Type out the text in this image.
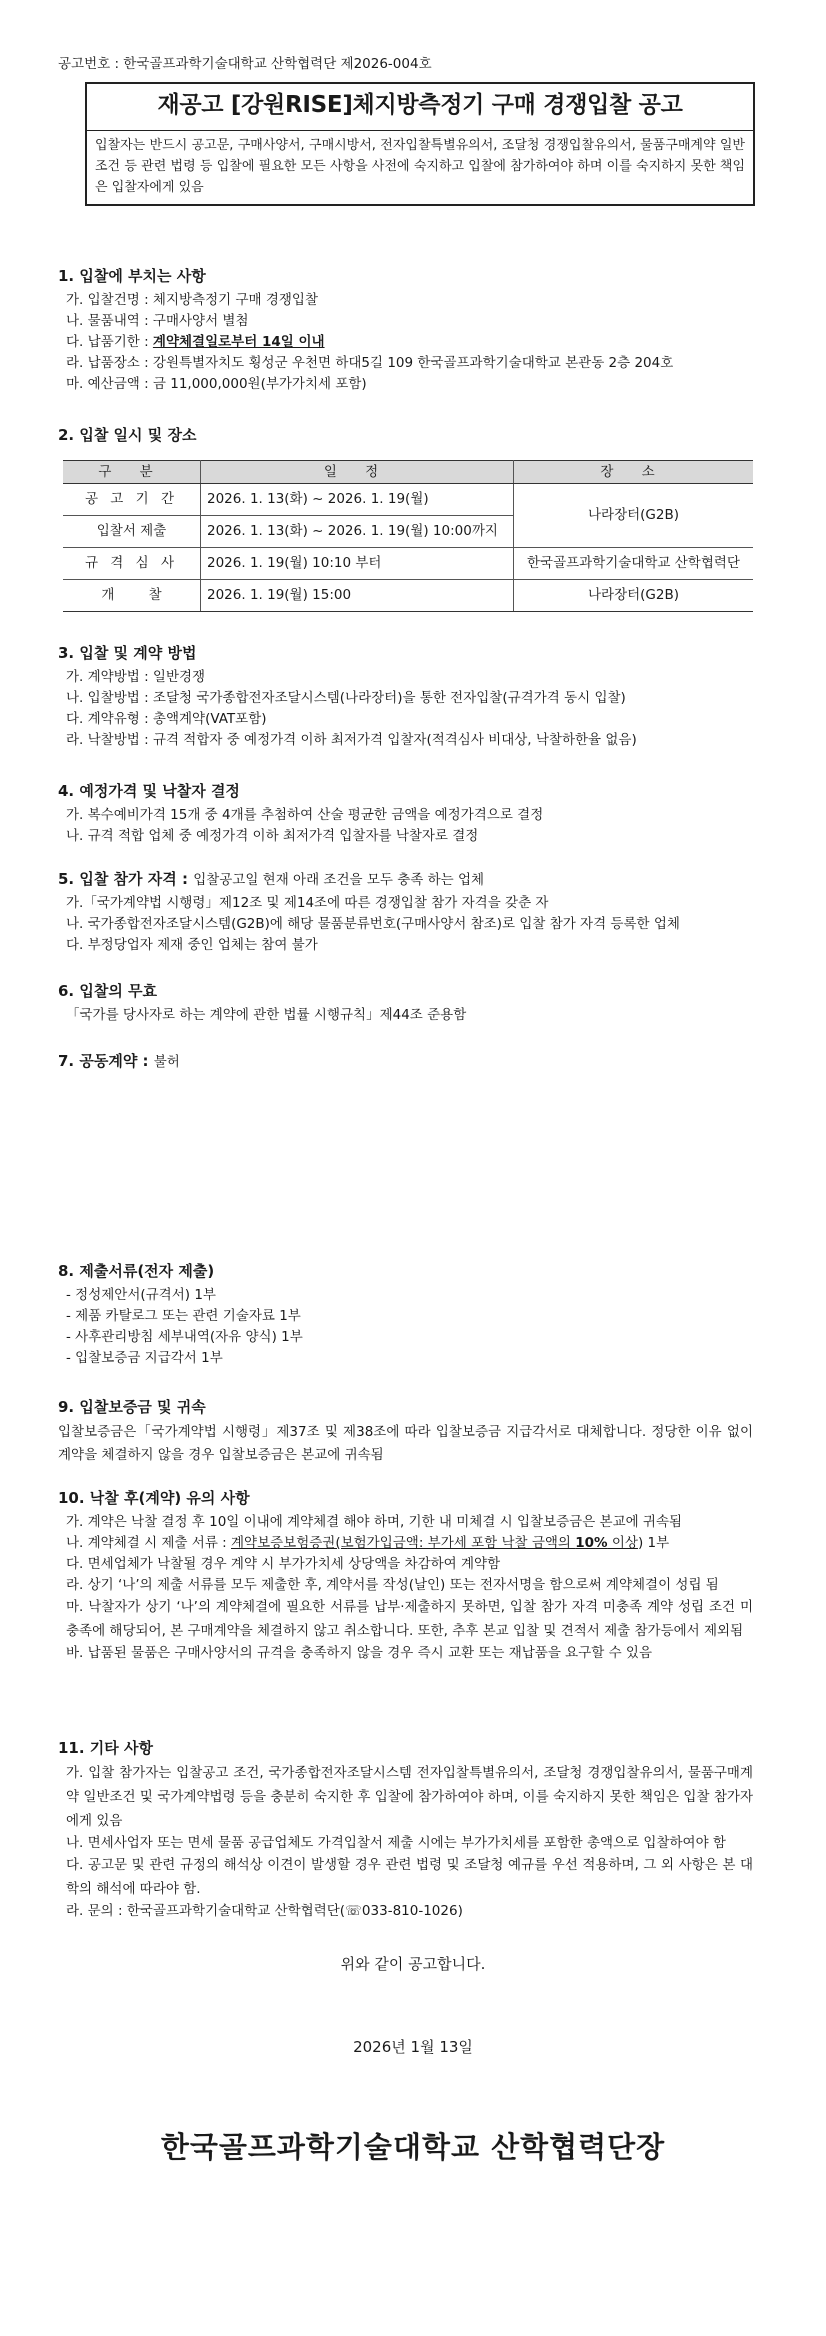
공고번호 : 한국골프과학기술대학교 산학협력단 제2026-004호
재공고 [강원RISE]체지방측정기 구매 경쟁입찰 공고
입찰자는 반드시 공고문, 구매사양서, 구매시방서, 전자입찰특별유의서, 조달청 경쟁입찰유의서, 물품구매계약 일반조건 등 관련 법령 등 입찰에 필요한 모든 사항을 사전에 숙지하고 입찰에 참가하여야 하며 이를 숙지하지 못한 책임은 입찰자에게 있음
1. 입찰에 부치는 사항
가. 입찰건명 : 체지방측정기 구매 경쟁입찰
나. 물품내역 : 구매사양서 별첨
다. 납품기한 : 계약체결일로부터 14일 이내
라. 납품장소 : 강원특별자치도 횡성군 우천면 하대5길 109 한국골프과학기술대학교 본관동 2층 204호
마. 예산금액 : 금 11,000,000원(부가가치세 포함)
2. 입찰 일시 및 장소
구 분	일 정	장 소
공 고 기 간	2026. 1. 13(화) ~ 2026. 1. 19(월)	나라장터(G2B)
입찰서 제출	2026. 1. 13(화) ~ 2026. 1. 19(월) 10:00까지	
규 격 심 사	2026. 1. 19(월) 10:10 부터	한국골프과학기술대학교 산학협력단
개 찰	2026. 1. 19(월) 15:00	나라장터(G2B)
3. 입찰 및 계약 방법
가. 계약방법 : 일반경쟁
나. 입찰방법 : 조달청 국가종합전자조달시스템(나라장터)을 통한 전자입찰(규격가격 동시 입찰)
다. 계약유형 : 총액계약(VAT포함)
라. 낙찰방법 : 규격 적합자 중 예정가격 이하 최저가격 입찰자(적격심사 비대상, 낙찰하한율 없음)
4. 예정가격 및 낙찰자 결정
가. 복수예비가격 15개 중 4개를 추첨하여 산술 평균한 금액을 예정가격으로 결정
나. 규격 적합 업체 중 예정가격 이하 최저가격 입찰자를 낙찰자로 결정
5. 입찰 참가 자격 : 입찰공고일 현재 아래 조건을 모두 충족 하는 업체
가.「국가계약법 시행령」제12조 및 제14조에 따른 경쟁입찰 참가 자격을 갖춘 자
나. 국가종합전자조달시스템(G2B)에 해당 물품분류번호(구매사양서 참조)로 입찰 참가 자격 등록한 업체
다. 부정당업자 제재 중인 업체는 참여 불가
6. 입찰의 무효
「국가를 당사자로 하는 계약에 관한 법률 시행규칙」제44조 준용함
7. 공동계약 : 불허
8. 제출서류(전자 제출)
- 정성제안서(규격서) 1부
- 제품 카탈로그 또는 관련 기술자료 1부
- 사후관리방침 세부내역(자유 양식) 1부
- 입찰보증금 지급각서 1부
9. 입찰보증금 및 귀속
입찰보증금은「국가계약법 시행령」제37조 및 제38조에 따라 입찰보증금 지급각서로 대체합니다. 정당한 이유 없이 계약을 체결하지 않을 경우 입찰보증금은 본교에 귀속됨
10. 낙찰 후(계약) 유의 사항
가. 계약은 낙찰 결정 후 10일 이내에 계약체결 해야 하며, 기한 내 미체결 시 입찰보증금은 본교에 귀속됨
나. 계약체결 시 제출 서류 : 계약보증보험증권(보험가입금액: 부가세 포함 낙찰 금액의 10% 이상) 1부
다. 면세업체가 낙찰될 경우 계약 시 부가가치세 상당액을 차감하여 계약함
라. 상기 ‘나’의 제출 서류를 모두 제출한 후, 계약서를 작성(날인) 또는 전자서명을 함으로써 계약체결이 성립 됨
마. 낙찰자가 상기 ‘나’의 계약체결에 필요한 서류를 납부·제출하지 못하면, 입찰 참가 자격 미충족 계약 성립 조건 미충족에 해당되어, 본 구매계약을 체결하지 않고 취소합니다. 또한, 추후 본교 입찰 및 견적서 제출 참가등에서 제외됨
바. 납품된 물품은 구매사양서의 규격을 충족하지 않을 경우 즉시 교환 또는 재납품을 요구할 수 있음
11. 기타 사항
가. 입찰 참가자는 입찰공고 조건, 국가종합전자조달시스템 전자입찰특별유의서, 조달청 경쟁입찰유의서, 물품구매계약 일반조건 및 국가계약법령 등을 충분히 숙지한 후 입찰에 참가하여야 하며, 이를 숙지하지 못한 책임은 입찰 참가자에게 있음
나. 면세사업자 또는 면세 물품 공급업체도 가격입찰서 제출 시에는 부가가치세를 포함한 총액으로 입찰하여야 함
다. 공고문 및 관련 규정의 해석상 이견이 발생할 경우 관련 법령 및 조달청 예규를 우선 적용하며, 그 외 사항은 본 대학의 해석에 따라야 함.
라. 문의 : 한국골프과학기술대학교 산학협력단(☏033-810-1026)
위와 같이 공고합니다.
2026년 1월 13일
한국골프과학기술대학교 산학협력단장
